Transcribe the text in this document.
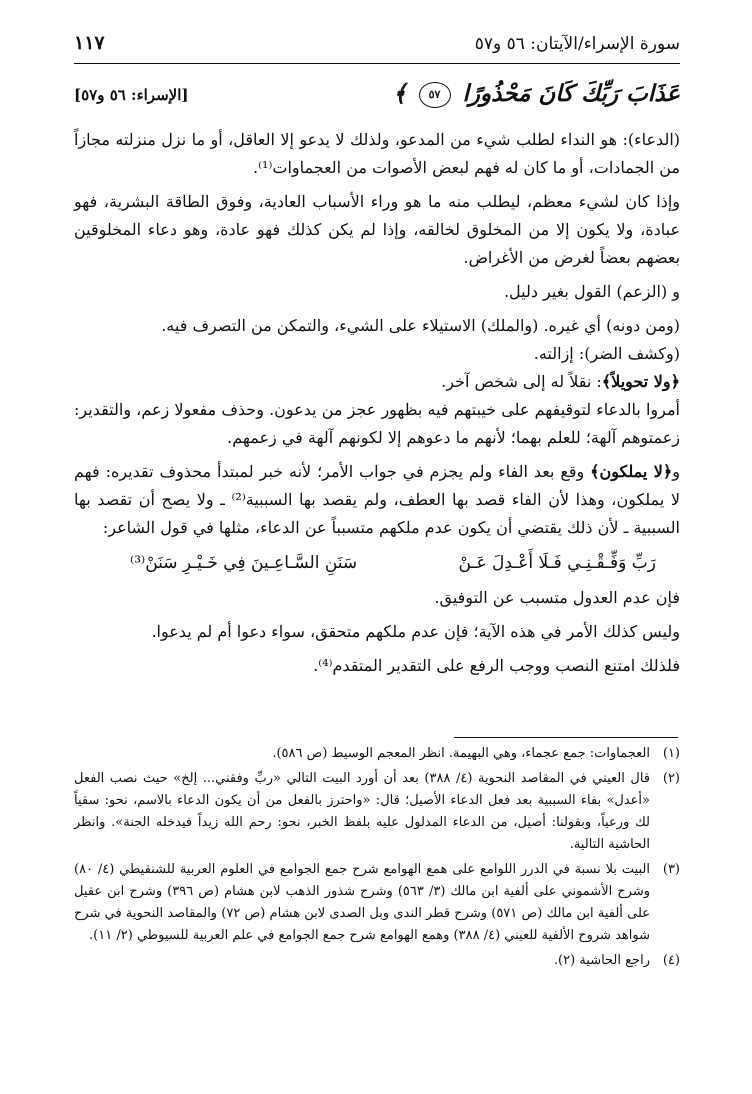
سورة الإسراء/الآيتان: ٥٦ و٥٧
١١٧
عَذَابَ رَبِّكَ كَانَ مَحْذُورًا ٥٧ ﴾
[الإسراء: ٥٦ و٥٧]

(الدعاء): هو النداء لطلب شيء من المدعو، ولذلك لا يدعو إلا العاقل، أو ما نزل منزلته مجازاً من الجمادات، أو ما كان له فهم لبعض الأصوات من العجماوات⁽¹⁾.

وإذا كان لشيء معظم، ليطلب منه ما هو وراء الأسباب العادية، وفوق الطاقة البشرية، فهو عبادة، ولا يكون إلا من المخلوق لخالقه، وإذا لم يكن كذلك فهو عادة، وهو دعاء المخلوقين بعضهم بعضاً لغرض من الأغراض.

و (الزعم) القول بغير دليل.

(ومن دونه) أي غيره. (والملك) الاستيلاء على الشيء، والتمكن من التصرف فيه.

(وكشف الضر): إزالته.

﴿ولا تحويلاً﴾: نقلاً له إلى شخص آخر.

أمروا بالدعاء لتوقيفهم على خيبتهم فيه بظهور عجز من يدعون. وحذف مفعولا زعم، والتقدير: زعمتوهم آلهة؛ للعلم بهما؛ لأنهم ما دعوهم إلا لكونهم آلهة في زعمهم.

و﴿لا يملكون﴾ وقع بعد الفاء ولم يجزم في جواب الأمر؛ لأنه خبر لمبتدأ محذوف تقديره: فهم لا يملكون، وهذا لأن الفاء قصد بها العطف، ولم يقصد بها السببية⁽²⁾ ـ ولا يصح أن تقصد بها السببية ـ لأن ذلك يقتضي أن يكون عدم ملكهم متسبباً عن الدعاء، مثلها في قول الشاعر:

رَبِّ وَفِّـقْـنِـي فَـلَا أَعْـدِلَ عَـنْ
سَنَنِ السَّـاعِـينَ فِي خَـيْـرِ سَنَنْ⁽³⁾

فإن عدم العدول متسبب عن التوفيق.

وليس كذلك الأمر في هذه الآية؛ فإن عدم ملكهم متحقق، سواء دعوا أم لم يدعوا.

فلذلك امتنع النصب ووجب الرفع على التقدير المتقدم⁽⁴⁾.

(١)
العجماوات: جمع عجماء، وهي البهيمة. انظر المعجم الوسيط (ص ٥٨٦).
(٢)
قال العيني في المقاصد النحوية (٤/ ٣٨٨) بعد أن أورد البيت التالي «ربِّ وفقني... إلخ» حيث نصب الفعل «أعدل» بفاء السببية بعد فعل الدعاء الأصيل؛ قال: «واحترز بالفعل من أن يكون الدعاء بالاسم، نحو: سقياً لك ورعياً، وبقولنا: أصيل، من الدعاء المدلول عليه بلفظ الخبر، نحو: رحم الله زيداً فيدخله الجنة». وانظر الحاشية التالية.
(٣)
البيت بلا نسبة في الدرر اللوامع على همع الهوامع شرح جمع الجوامع في العلوم العربية للشنقيطي (٤/ ٨٠) وشرح الأشموني على ألفية ابن مالك (٣/ ٥٦٣) وشرح شذور الذهب لابن هشام (ص ٣٩٦) وشرح ابن عقيل على ألفية ابن مالك (ص ٥٧١) وشرح قطر الندى وبل الصدى لابن هشام (ص ٧٢) والمقاصد النحوية في شرح شواهد شروح الألفية للعيني (٤/ ٣٨٨) وهمع الهوامع شرح جمع الجوامع في علم العربية للسيوطي (٢/ ١١).
(٤)
راجع الحاشية (٢).
